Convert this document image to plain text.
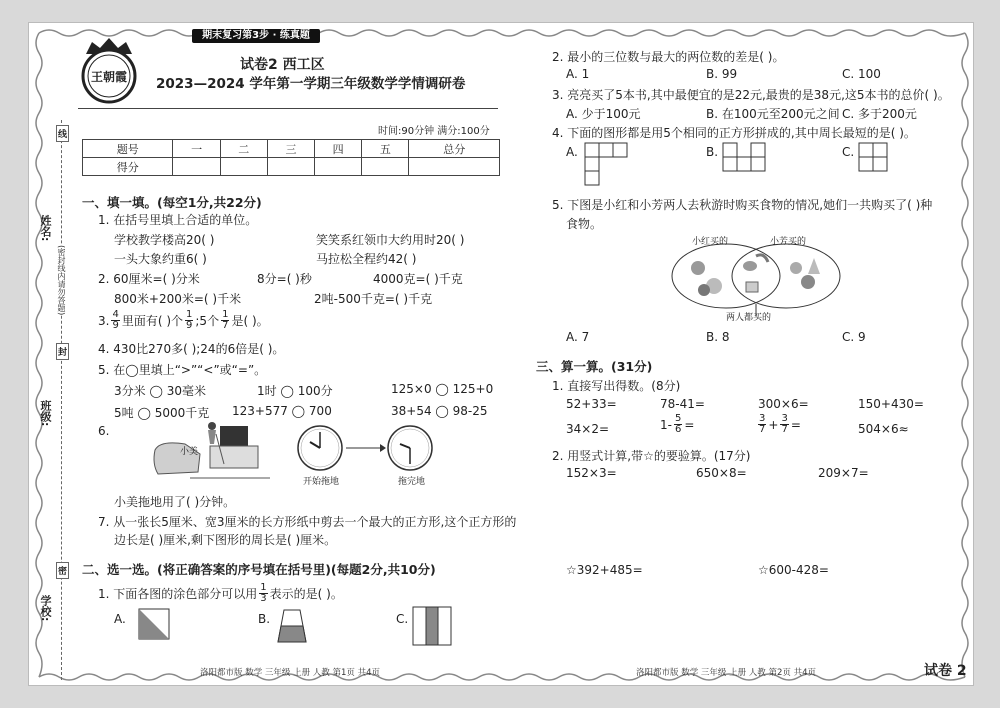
姓名:
班级:
学校:
(密封线内请勿答题)
线
封
密
王朝霞
期末复习第3步 · 练真题
试卷2 西工区
2023—2024 学年第一学期三年级数学学情调研卷
时间:90分钟 满分:100分
题号	一	二	三	四	五	总分
得分						
一、填一填。(每空1分,共22分)
1. 在括号里填上合适的单位。
学校教学楼高20( )	笑笑系红领巾大约用时20( )
一头大象约重6( )	马拉松全程约42( )
2. 60厘米=( )分米	8分=( )秒	4000克=( )千克
800米+200米=( )千米	2吨-500千克=( )千克
3. $\frac{4}{9}$ 里面有( )个 $\frac{1}{9}$ ;5个 $\frac{1}{7}$ 是( )。
4. 430比270多( );24的6倍是( )。
5. 在◯里填上“>”“<”或“=”。
3分米 ◯ 30毫米	1时 ◯ 100分	125×0 ◯ 125+0
5吨 ◯ 5000千克 123+577 ◯ 700	38+54 ◯ 98-25
6.
小美
开始拖地	拖完地
小美拖地用了( )分钟。
7. 从一张长5厘米、宽3厘米的长方形纸中剪去一个最大的正方形,这个正方形的
边长是( )厘米,剩下图形的周长是( )厘米。
二、选一选。(将正确答案的序号填在括号里)(每题2分,共10分)
1. 下面各图的涂色部分可以用 $\frac{1}{3}$ 表示的是( )。
A.	B.	C.
2. 最小的三位数与最大的两位数的差是( )。
A. 1	B. 99	C. 100
3. 亮亮买了5本书,其中最便宜的是22元,最贵的是38元,这5本书的总价( )。
A. 少于100元	B. 在100元至200元之间 C. 多于200元
4. 下面的图形都是用5个相同的正方形拼成的,其中周长最短的是( )。
A.	B.	C.
5. 下图是小红和小芳两人去秋游时购买食物的情况,她们一共购买了( )种
食物。
小红买的	小芳买的
两人都买的
A. 7	B. 8	C. 9
三、算一算。(31分)
1. 直接写出得数。(8分)
52+33=	78-41=	300×6=	150+430=
34×2=	$1- \frac{5}{6}$ =	$\frac{3}{7} + \frac{3}{7}$ =	504×6≈
2. 用竖式计算,带☆的要验算。(17分)
152×3=	650×8=	209×7=
☆392+485=	☆600-428=
洛阳都市版 数学 三年级 上册 人教 第1页 共4页	洛阳都市版 数学 三年级 上册 人教 第2页 共4页	试卷 2
